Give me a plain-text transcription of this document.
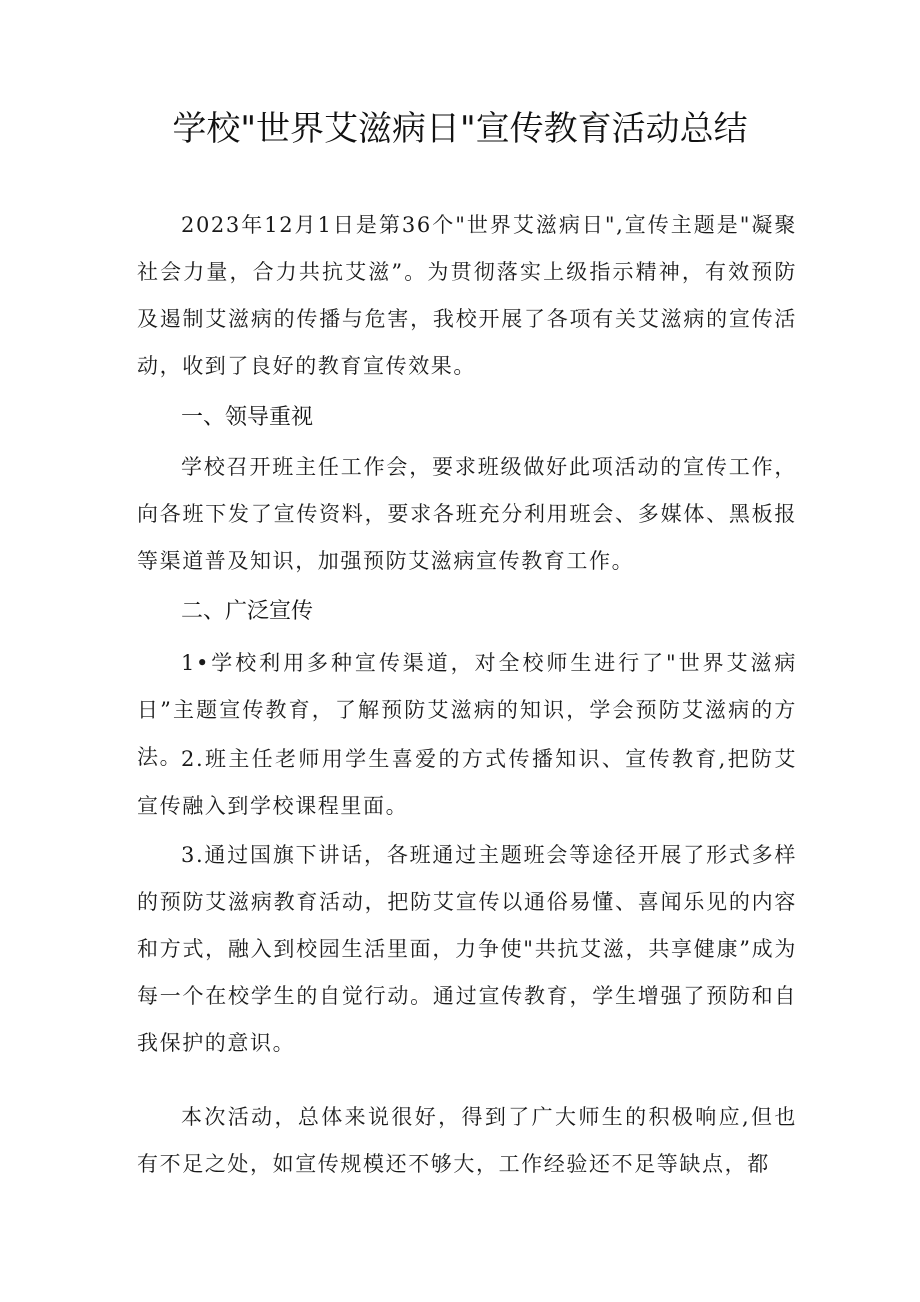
学校"世界艾滋病日"宣传教育活动总结

2023年12月1日是第36个"世界艾滋病日",宣传主题是"凝聚社会力量，合力共抗艾滋”。为贯彻落实上级指示精神，有效预防及遏制艾滋病的传播与危害，我校开展了各项有关艾滋病的宣传活动，收到了良好的教育宣传效果。

一、领导重视

学校召开班主任工作会，要求班级做好此项活动的宣传工作，向各班下发了宣传资料，要求各班充分利用班会、多媒体、黑板报等渠道普及知识，加强预防艾滋病宣传教育工作。

二、广泛宣传

1•学校利用多种宣传渠道，对全校师生进行了"世界艾滋病日”主题宣传教育，了解预防艾滋病的知识，学会预防艾滋病的方法。

2.班主任老师用学生喜爱的方式传播知识、宣传教育,把防艾宣传融入到学校课程里面。

3.通过国旗下讲话，各班通过主题班会等途径开展了形式多样的预防艾滋病教育活动，把防艾宣传以通俗易懂、喜闻乐见的内容和方式，融入到校园生活里面，力争使"共抗艾滋，共享健康”成为每一个在校学生的自觉行动。通过宣传教育，学生增强了预防和自我保护的意识。

本次活动，总体来说很好，得到了广大师生的积极响应,但也有不足之处，如宣传规模还不够大，工作经验还不足等缺点，都
